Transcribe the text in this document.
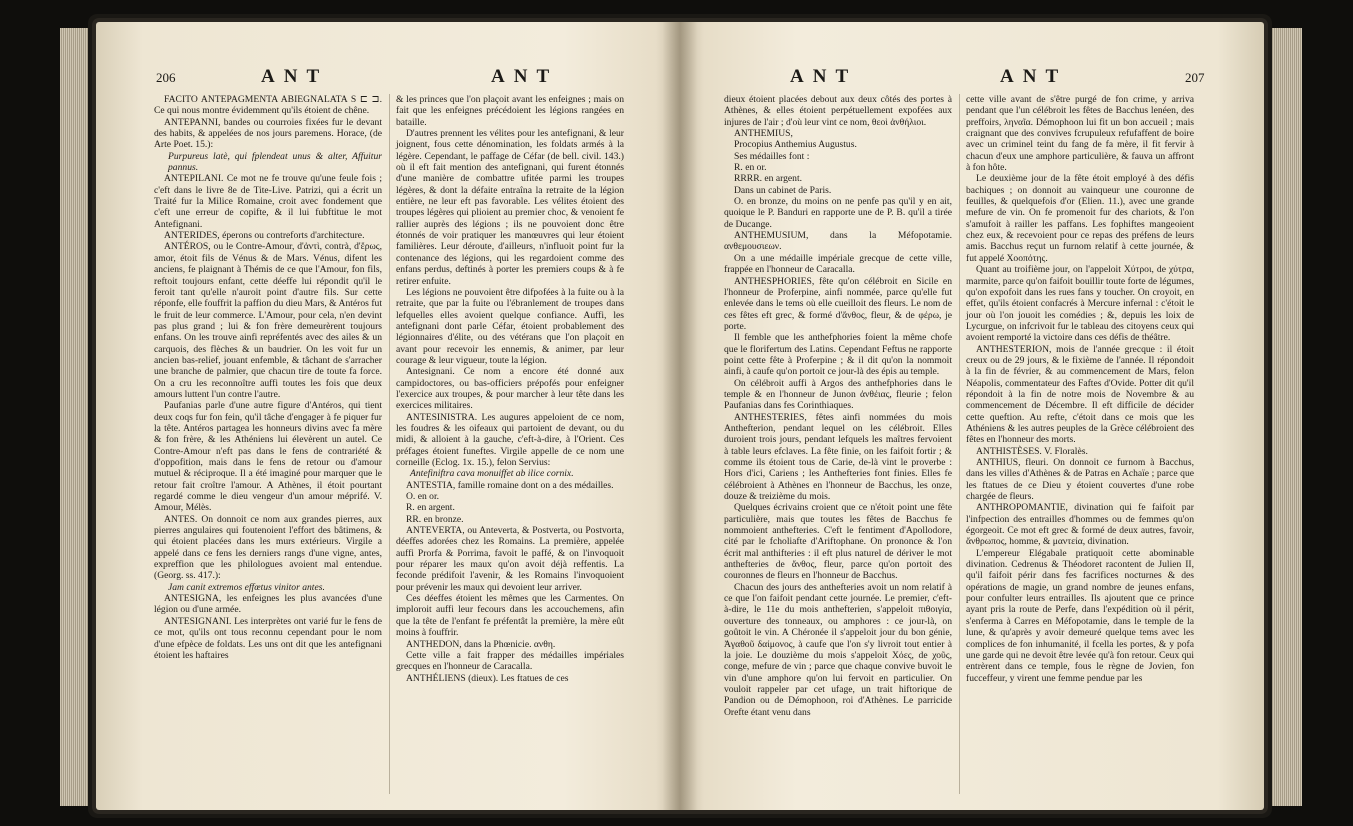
206	ANT	ANT

FACITO ANTEPAGMENTA ABIEGNALATA S ⊏ ⊐. Ce qui nous montre évidemment qu'ils étoient de chêne.

ANTEPANNI, bandes ou courroies fixées fur le devant des habits, & appelées de nos jours paremens. Horace, (de Arte Poet. 15.):

Purpureus latè, qui fplendeat unus & alter, Affuitur pannus.

ANTEPILANI. Ce mot ne fe trouve qu'une feule fois ; c'eft dans le livre 8e de Tite-Live. Patrizi, qui a écrit un Traité fur la Milice Romaine, croit avec fondement que c'eft une erreur de copifte, & il lui fubftitue le mot Antefignani.

ANTERIDES, éperons ou contreforts d'architecture.

ANTÉROS, ou le Contre-Amour, d'ἀντὶ, contrà, d'ἔρως, amor, étoit fils de Vénus & de Mars. Vénus, difent les anciens, fe plaignant à Thémis de ce que l'Amour, fon fils, reftoit toujours enfant, cette déeffe lui répondit qu'il le feroit tant qu'elle n'auroit point d'autre fils. Sur cette réponfe, elle fouffrit la paffion du dieu Mars, & Antéros fut le fruit de leur commerce. L'Amour, pour cela, n'en devint pas plus grand ; lui & fon frère demeurèrent toujours enfans. On les trouve ainfi repréfentés avec des ailes & un carquois, des flèches & un baudrier. On les voit fur un ancien bas-relief, jouant enfemble, & tâchant de s'arracher une branche de palmier, que chacun tire de toute fa force. On a cru les reconnoître auffi toutes les fois que deux amours luttent l'un contre l'autre.

Paufanias parle d'une autre figure d'Antéros, qui tient deux coqs fur fon fein, qu'il tâche d'engager à fe piquer fur la tête. Antéros partagea les honneurs divins avec fa mère & fon frère, & les Athéniens lui élevèrent un autel. Ce Contre-Amour n'eft pas dans le fens de contrariété & d'oppofition, mais dans le fens de retour ou d'amour mutuel & réciproque. Il a été imaginé pour marquer que le retour fait croître l'amour. A Athènes, il étoit pourtant regardé comme le dieu vengeur d'un amour méprifé. V. Amour, Mélès.

ANTES. On donnoit ce nom aux grandes pierres, aux pierres angulaires qui foutenoient l'effort des bâtimens, & qui étoient placées dans les murs extérieurs. Virgile a appelé dans ce fens les derniers rangs d'une vigne, antes, expreffion que les philologues avoient mal entendue. (Georg. ss. 417.):

Jam canit extremos effœtus vinitor antes.

ANTESIGNA, les enfeignes les plus avancées d'une légion ou d'une armée.

ANTESIGNANI. Les interprètes ont varié fur le fens de ce mot, qu'ils ont tous reconnu cependant pour le nom d'une efpèce de foldats. Les uns ont dit que les antefignani étoient les haftaires

& les princes que l'on plaçoit avant les enfeignes ; mais on fait que les enfeignes précédoient les légions rangées en bataille.

D'autres prennent les vélites pour les antefignani, & leur joignent, fous cette dénomination, les foldats armés à la légère. Cependant, le paffage de Céfar (de bell. civil. 143.) où il eft fait mention des antefignani, qui furent étonnés d'une manière de combattre ufitée parmi les troupes légères, & dont la défaite entraîna la retraite de la légion entière, ne leur eft pas favorable. Les vélites étoient des troupes légères qui plioient au premier choc, & venoient fe rallier auprès des légions ; ils ne pouvoient donc être étonnés de voir pratiquer les manœuvres qui leur étoient familières. Leur déroute, d'ailleurs, n'influoit point fur la contenance des légions, qui les regardoient comme des enfans perdus, deftinés à porter les premiers coups & à fe retirer enfuite.

Les légions ne pouvoient être difpofées à la fuite ou à la retraite, que par la fuite ou l'ébranlement de troupes dans lefquelles elles avoient quelque confiance. Auffi, les antefignani dont parle Céfar, étoient probablement des légionnaires d'élite, ou des vétérans que l'on plaçoit en avant pour recevoir les ennemis, & animer, par leur courage & leur vigueur, toute la légion.

Antesignani. Ce nom a encore été donné aux campidoctores, ou bas-officiers prépofés pour enfeigner l'exercice aux troupes, & pour marcher à leur tête dans les exercices militaires.

ANTESINISTRA. Les augures appeloient de ce nom, les foudres & les oifeaux qui partoient de devant, ou du midi, & alloient à la gauche, c'eft-à-dire, à l'Orient. Ces préfages étoient funeftes. Virgile appelle de ce nom une corneille (Eclog. 1x. 15.), felon Servius:

Antefiniftra cava monuiffet ab ilice cornix.

ANTESTIA, famille romaine dont on a des médailles.

O. en or.

R. en argent.

RR. en bronze.

ANTEVERTA, ou Anteverta, & Postverta, ou Postvorta, déeffes adorées chez les Romains. La première, appelée auffi Prorfa & Porrima, favoit le paffé, & on l'invoquoit pour réparer les maux qu'on avoit déjà reffentis. La feconde prédifoit l'avenir, & les Romains l'invoquoient pour prévenir les maux qui devoient leur arriver.

Ces déeffes étoient les mêmes que les Carmentes. On imploroit auffi leur fecours dans les accouchemens, afin que la tête de l'enfant fe préfentât la première, la mère eût moins à fouffrir.

ANTHEDON, dans la Phœnicie. ανθη.

Cette ville a fait frapper des médailles impériales grecques en l'honneur de Caracalla.

ANTHÉLIENS (dieux). Les ftatues de ces

ANT	ANT	207

dieux étoient placées debout aux deux côtés des portes à Athènes, & elles étoient perpétuellement expofées aux injures de l'air ; d'où leur vint ce nom, θεοὶ ἀνθήλιοι.

ANTHEMIUS,

Procopius Anthemius Augustus.

Ses médailles font :

R. en or.

RRRR. en argent.

Dans un cabinet de Paris.

O. en bronze, du moins on ne penfe pas qu'il y en ait, quoique le P. Banduri en rapporte une de P. B. qu'il a tirée de Ducange.

ANTHEMUSIUM, dans la Méfopotamie. ανθεμουσιεων.

On a une médaille impériale grecque de cette ville, frappée en l'honneur de Caracalla.

ANTHESPHORIES, fête qu'on célébroit en Sicile en l'honneur de Proferpine, ainfi nommée, parce qu'elle fut enlevée dans le tems où elle cueilloit des fleurs. Le nom de ces fêtes eft grec, & formé d'ἄνθος, fleur, & de φέρω, je porte.

Il femble que les anthefphories foient la même chofe que le florifertum des Latins. Cependant Feftus ne rapporte point cette fête à Proferpine ; & il dit qu'on la nommoit ainfi, à caufe qu'on portoit ce jour-là des épis au temple.

On célébroit auffi à Argos des anthefphories dans le temple & en l'honneur de Junon ἀνθέιας, fleurie ; felon Paufanias dans fes Corinthiaques.

ANTHESTERIES, fêtes ainfi nommées du mois Anthefterion, pendant lequel on les célébroit. Elles duroient trois jours, pendant lefquels les maîtres fervoient à table leurs efclaves. La fête finie, on les faifoit fortir ; & comme ils étoient tous de Carie, de-là vint le proverbe : Hors d'ici, Cariens ; les Anthefteries font finies. Elles fe célébroient à Athènes en l'honneur de Bacchus, les onze, douze & treizième du mois.

Quelques écrivains croient que ce n'étoit point une fête particulière, mais que toutes les fêtes de Bacchus fe nommoient anthefteries. C'eft le fentiment d'Apollodore, cité par le fcholiafte d'Ariftophane. On prononce & l'on écrit mal anthifteries : il eft plus naturel de dériver le mot anthefteries de ἄνθος, fleur, parce qu'on portoit des couronnes de fleurs en l'honneur de Bacchus.

Chacun des jours des anthefteries avoit un nom relatif à ce que l'on faifoit pendant cette journée. Le premier, c'eft-à-dire, le 11e du mois anthefterien, s'appeloit πιθοιγία, ouverture des tonneaux, ou amphores : ce jour-là, on goûtoit le vin. A Chéronée il s'appeloit jour du bon génie, Ἀγαθοῦ δαίμονος, à caufe que l'on s'y livroit tout entier à la joie. Le douzième du mois s'appeloit Χόες, de χοῦς, conge, mefure de vin ; parce que chaque convive buvoit le vin d'une amphore qu'on lui fervoit en particulier. On vouloit rappeler par cet ufage, un trait hiftorique de Pandion ou de Démophoon, roi d'Athènes. Le parricide Orefte étant venu dans

cette ville avant de s'être purgé de fon crime, y arriva pendant que l'un célébroit les fêtes de Bacchus lenéen, des preffoirs, ληναῖα. Démophoon lui fit un bon accueil ; mais craignant que des convives fcrupuleux refufaffent de boire avec un criminel teint du fang de fa mère, il fit fervir à chacun d'eux une amphore particulière, & fauva un affront à fon hôte.

Le deuxième jour de la fête étoit employé à des défis bachiques ; on donnoit au vainqueur une couronne de feuilles, & quelquefois d'or (Elien. 11.), avec une grande mefure de vin. On fe promenoit fur des chariots, & l'on s'amufoit à railler les paffans. Les fophiftes mangeoient chez eux, & recevoient pour ce repas des préfens de leurs amis. Bacchus reçut un furnom relatif à cette journée, & fut appelé Χοοπότης.

Quant au troifième jour, on l'appeloit Χύτροι, de χύτρα, marmite, parce qu'on faifoit bouillir toute forte de légumes, qu'on expofoit dans les rues fans y toucher. On croyoit, en effet, qu'ils étoient confacrés à Mercure infernal : c'étoit le jour où l'on jouoit les comédies ; &, depuis les loix de Lycurgue, on infcrivoit fur le tableau des citoyens ceux qui avoient remporté la victoire dans ces défis de théâtre.

ANTHESTERION, mois de l'année grecque : il étoit creux ou de 29 jours, & le fixième de l'année. Il répondoit à la fin de février, & au commencement de Mars, felon Néapolis, commentateur des Faftes d'Ovide. Potter dit qu'il répondoit à la fin de notre mois de Novembre & au commencement de Décembre. Il eft difficile de décider cette queftion. Au refte, c'étoit dans ce mois que les Athéniens & les autres peuples de la Grèce célébroient des fêtes en l'honneur des morts.

ANTHISTÈSES. V. Floralès.

ANTHIUS, fleuri. On donnoit ce furnom à Bacchus, dans les villes d'Athènes & de Patras en Achaïe ; parce que les ftatues de ce Dieu y étoient couvertes d'une robe chargée de fleurs.

ANTHROPOMANTIE, divination qui fe faifoit par l'infpection des entrailles d'hommes ou de femmes qu'on égorgeoit. Ce mot eft grec & formé de deux autres, favoir, ἄνθρωπος, homme, & μαντεία, divination.

L'empereur Elégabale pratiquoit cette abominable divination. Cedrenus & Théodoret racontent de Julien II, qu'il faifoit périr dans fes facrifices nocturnes & des opérations de magie, un grand nombre de jeunes enfans, pour confulter leurs entrailles. Ils ajoutent que ce prince ayant pris la route de Perfe, dans l'expédition où il périt, s'enferma à Carres en Méfopotamie, dans le temple de la lune, & qu'après y avoir demeuré quelque tems avec les complices de fon inhumanité, il fcella les portes, & y pofa une garde qui ne devoit être levée qu'à fon retour. Ceux qui entrèrent dans ce temple, fous le règne de Jovien, fon fucceffeur, y virent une femme pendue par les
